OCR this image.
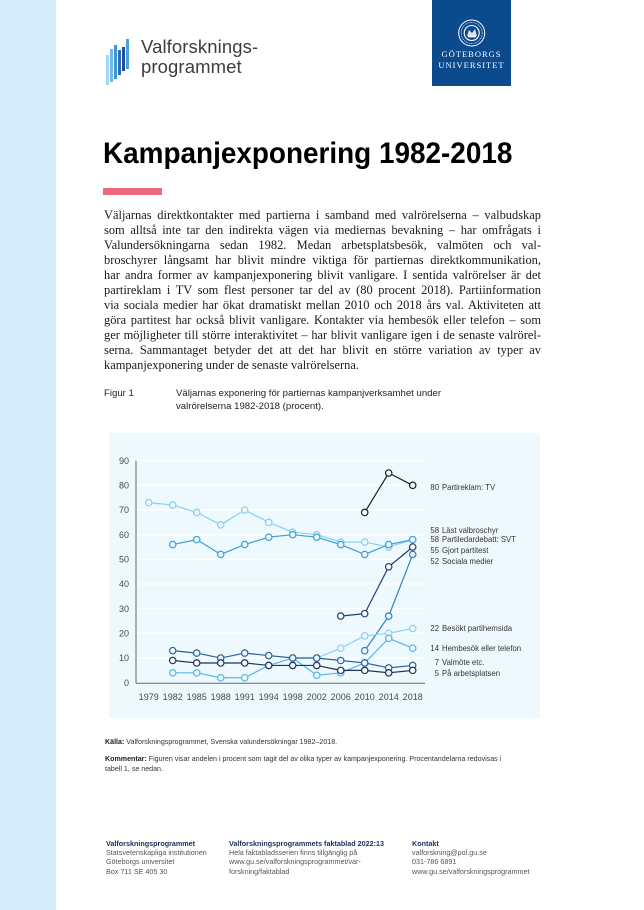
Valforsknings-
programmet
GÖTEBORGS
UNIVERSITET
Kampanjexponering 1982-2018
Väljarnas direktkontakter med partierna i samband med valrörelserna – valbudskap
som alltså inte tar den indirekta vägen via mediernas bevakning – har omfrågats i
Valundersökningarna sedan 1982. Medan arbetsplatsbesök, valmöten och val-
broschyrer långsamt har blivit mindre viktiga för partiernas direktkommunikation,
har andra former av kampanjexponering blivit vanligare. I sentida valrörelser är det
partireklam i TV som flest personer tar del av (80 procent 2018). Partiinformation
via sociala medier har ökat dramatiskt mellan 2010 och 2018 års val. Aktiviteten att
göra partitest har också blivit vanligare. Kontakter via hembesök eller telefon – som
ger möjligheter till större interaktivitet – har blivit vanligare igen i de senaste valrörel-
serna. Sammantaget betyder det att det har blivit en större variation av typer av
kampanjexponering under de senaste valrörelserna.
Figur 1	Väljarnas exponering för partiernas kampanjverksamhet under
valrörelserna 1982-2018 (procent).
0
10
20
30
40
50
60
70
80
90
1979 1982 1985 1988 1991 1994 1998 2002 2006 2010 2014 2018
80 Partireklam: TV
58 Läst valbroschyr
58 Partiledardebatt: SVT
55 Gjort partitest
52 Sociala medier
22 Besökt partihemsida
14 Hembesök eller telefon
7 Valmöte etc.
5 På arbetsplatsen
Källa: Valforskningsprogrammet, Svenska valundersökningar 1982–2018.
Kommentar: Figuren visar andelen i procent som tagit del av olika typer av kampanjexponering. Procentandelarna redovisas i
tabell 1, se nedan.
Valforskningsprogrammet
Statsvetenskapliga institutionen
Göteborgs universitet
Box 711 SE 405 30
Valforskningsprogrammets faktablad 2022:13
Hela faktabladsserien finns tillgänglig på
www.gu.se/valforskningsprogrammet/var-
forskning/faktablad
Kontakt
valforskning@pol.gu.se
031-786 6891
www.gu.se/valforskningsprogrammet
